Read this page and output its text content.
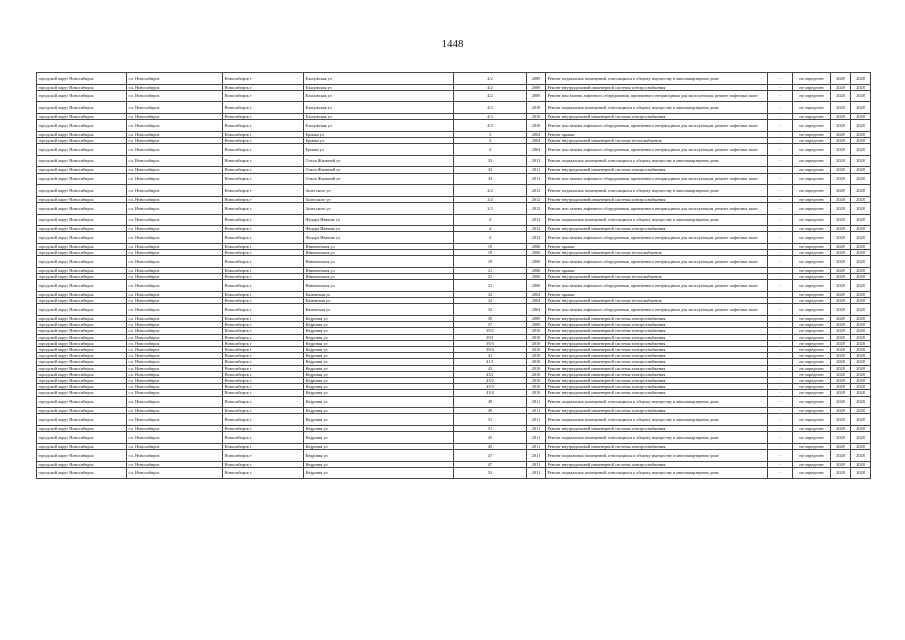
1448
городской округ Новосибирск	г.о. Новосибирск	Новосибирск г	Ельцовская ул	4/2	2009	Ремонт подвальных помещений, относящихся к общему имуществу в многоквартирном доме	-	не определен	2028	2028
городской округ Новосибирск	г.о. Новосибирск	Новосибирск г	Ельцовская ул	4/2	2009	Ремонт внутридомовой инженерной системы электроснабжения	-	не определен	2028	2028
городской округ Новосибирск	г.о. Новосибирск	Новосибирск г	Ельцовская ул	4/2	2009	Ремонт или замена лифтового оборудования, признанного непригодным для эксплуатации, ремонт лифтовых шахт	-	не определен	2028	2028
городской округ Новосибирск	г.о. Новосибирск	Новосибирск г	Ельцовская ул	4/3	2010	Ремонт подвальных помещений, относящихся к общему имуществу в многоквартирном доме	-	не определен	2028	2028
городской округ Новосибирск	г.о. Новосибирск	Новосибирск г	Ельцовская ул	4/3	2010	Ремонт внутридомовой инженерной системы электроснабжения	-	не определен	2028	2028
городской округ Новосибирск	г.о. Новосибирск	Новосибирск г	Ельцовская ул	4/3	2010	Ремонт или замена лифтового оборудования, признанного непригодным для эксплуатации, ремонт лифтовых шахт	-	не определен	2028	2028
городской округ Новосибирск	г.о. Новосибирск	Новосибирск г	Ермака ул	3	2004	Ремонт крыши	-	не определен	2028	2028
городской округ Новосибирск	г.о. Новосибирск	Новосибирск г	Ермака ул	3	2004	Ремонт внутридомовой инженерной системы теплоснабжения	-	не определен	2028	2028
городской округ Новосибирск	г.о. Новосибирск	Новосибирск г	Ермака ул	3	2004	Ремонт или замена лифтового оборудования, признанного непригодным для эксплуатации, ремонт лифтовых шахт	-	не определен	2028	2028
городской округ Новосибирск	г.о. Новосибирск	Новосибирск г	Ольги Жилиной ул	33	2011	Ремонт подвальных помещений, относящихся к общему имуществу в многоквартирном доме	-	не определен	2028	2028
городской округ Новосибирск	г.о. Новосибирск	Новосибирск г	Ольги Жилиной ул	33	2011	Ремонт внутридомовой инженерной системы электроснабжения	-	не определен	2028	2028
городской округ Новосибирск	г.о. Новосибирск	Новосибирск г	Ольги Жилиной ул	33	2011	Ремонт или замена лифтового оборудования, признанного непригодным для эксплуатации, ремонт лифтовых шахт	-	не определен	2028	2028
городской округ Новосибирск	г.о. Новосибирск	Новосибирск г	Залесского ул	2/2	2012	Ремонт подвальных помещений, относящихся к общему имуществу в многоквартирном доме	-	не определен	2028	2028
городской округ Новосибирск	г.о. Новосибирск	Новосибирск г	Залесского ул	2/2	2012	Ремонт внутридомовой инженерной системы электроснабжения	-	не определен	2028	2028
городской округ Новосибирск	г.о. Новосибирск	Новосибирск г	Залесского ул	2/2	2012	Ремонт или замена лифтового оборудования, признанного непригодным для эксплуатации, ремонт лифтовых шахт	-	не определен	2028	2028
городской округ Новосибирск	г.о. Новосибирск	Новосибирск г	Федора Ивачева ул	4	2012	Ремонт подвальных помещений, относящихся к общему имуществу в многоквартирном доме	-	не определен	2028	2028
городской округ Новосибирск	г.о. Новосибирск	Новосибирск г	Федора Ивачева ул	4	2012	Ремонт внутридомовой инженерной системы электроснабжения	-	не определен	2028	2028
городской округ Новосибирск	г.о. Новосибирск	Новосибирск г	Федора Ивачева ул	4	2012	Ремонт или замена лифтового оборудования, признанного непригодным для эксплуатации, ремонт лифтовых шахт	-	не определен	2028	2028
городской округ Новосибирск	г.о. Новосибирск	Новосибирск г	Инюшенская ул	19	2006	Ремонт крыши	-	не определен	2028	2028
городской округ Новосибирск	г.о. Новосибирск	Новосибирск г	Инюшенская ул	19	2006	Ремонт внутридомовой инженерной системы теплоснабжения	-	не определен	2028	2028
городской округ Новосибирск	г.о. Новосибирск	Новосибирск г	Инюшенская ул	19	2006	Ремонт или замена лифтового оборудования, признанного непригодным для эксплуатации, ремонт лифтовых шахт	-	не определен	2028	2028
городской округ Новосибирск	г.о. Новосибирск	Новосибирск г	Инюшенская ул	21	2006	Ремонт крыши	-	не определен	2028	2028
городской округ Новосибирск	г.о. Новосибирск	Новосибирск г	Инюшенская ул	21	2006	Ремонт внутридомовой инженерной системы теплоснабжения	-	не определен	2028	2028
городской округ Новосибирск	г.о. Новосибирск	Новосибирск г	Инюшенская ул	21	2006	Ремонт или замена лифтового оборудования, признанного непригодным для эксплуатации, ремонт лифтовых шахт	-	не определен	2028	2028
городской округ Новосибирск	г.о. Новосибирск	Новосибирск г	Каменская ул	32	2004	Ремонт крыши	-	не определен	2028	2028
городской округ Новосибирск	г.о. Новосибирск	Новосибирск г	Каменская ул	32	2004	Ремонт внутридомовой инженерной системы теплоснабжения	-	не определен	2028	2028
городской округ Новосибирск	г.о. Новосибирск	Новосибирск г	Каменская ул	32	2004	Ремонт или замена лифтового оборудования, признанного непригодным для эксплуатации, ремонт лифтовых шахт	-	не определен	2028	2028
городской округ Новосибирск	г.о. Новосибирск	Новосибирск г	Кедровая ул	39	2009	Ремонт внутридомовой инженерной системы электроснабжения	-	не определен	2028	2028
городской округ Новосибирск	г.о. Новосибирск	Новосибирск г	Кедровая ул	37	2009	Ремонт внутридомовой инженерной системы электроснабжения	-	не определен	2028	2028
городской округ Новосибирск	г.о. Новосибирск	Новосибирск г	Кедровая ул	39/2	2010	Ремонт внутридомовой инженерной системы электроснабжения	-	не определен	2028	2028
городской округ Новосибирск	г.о. Новосибирск	Новосибирск г	Кедровая ул	39/1	2010	Ремонт внутридомовой инженерной системы электроснабжения	-	не определен	2028	2028
городской округ Новосибирск	г.о. Новосибирск	Новосибирск г	Кедровая ул	39/3	2010	Ремонт внутридомовой инженерной системы электроснабжения	-	не определен	2028	2028
городской округ Новосибирск	г.о. Новосибирск	Новосибирск г	Кедровая ул	39/4	2010	Ремонт внутридомовой инженерной системы электроснабжения	-	не определен	2028	2028
городской округ Новосибирск	г.о. Новосибирск	Новосибирск г	Кедровая ул	41	2010	Ремонт внутридомовой инженерной системы электроснабжения	-	не определен	2028	2028
городской округ Новосибирск	г.о. Новосибирск	Новосибирск г	Кедровая ул	41/1	2010	Ремонт внутридомовой инженерной системы электроснабжения	-	не определен	2028	2028
городской округ Новосибирск	г.о. Новосибирск	Новосибирск г	Кедровая ул	43	2010	Ремонт внутридомовой инженерной системы электроснабжения	-	не определен	2028	2028
городской округ Новосибирск	г.о. Новосибирск	Новосибирск г	Кедровая ул	43/1	2010	Ремонт внутридомовой инженерной системы электроснабжения	-	не определен	2028	2028
городской округ Новосибирск	г.о. Новосибирск	Новосибирск г	Кедровая ул	43/2	2010	Ремонт внутридомовой инженерной системы электроснабжения	-	не определен	2028	2028
городской округ Новосибирск	г.о. Новосибирск	Новосибирск г	Кедровая ул	43/3	2010	Ремонт внутридомовой инженерной системы электроснабжения	-	не определен	2028	2028
городской округ Новосибирск	г.о. Новосибирск	Новосибирск г	Кедровая ул	43/4	2010	Ремонт внутридомовой инженерной системы электроснабжения	-	не определен	2028	2028
городской округ Новосибирск	г.о. Новосибирск	Новосибирск г	Кедровая ул	49	2011	Ремонт подвальных помещений, относящихся к общему имуществу в многоквартирном доме	-	не определен	2028	2028
городской округ Новосибирск	г.о. Новосибирск	Новосибирск г	Кедровая ул	49	2011	Ремонт внутридомовой инженерной системы электроснабжения	-	не определен	2028	2028
городской округ Новосибирск	г.о. Новосибирск	Новосибирск г	Кедровая ул	51	2011	Ремонт подвальных помещений, относящихся к общему имуществу в многоквартирном доме	-	не определен	2028	2028
городской округ Новосибирск	г.о. Новосибирск	Новосибирск г	Кедровая ул	51	2011	Ремонт внутридомовой инженерной системы электроснабжения	-	не определен	2028	2028
городской округ Новосибирск	г.о. Новосибирск	Новосибирск г	Кедровая ул	45	2011	Ремонт подвальных помещений, относящихся к общему имуществу в многоквартирном доме	-	не определен	2028	2028
городской округ Новосибирск	г.о. Новосибирск	Новосибирск г	Кедровая ул	45	2011	Ремонт внутридомовой инженерной системы электроснабжения	-	не определен	2028	2028
городской округ Новосибирск	г.о. Новосибирск	Новосибирск г	Кедровая ул	47	2011	Ремонт подвальных помещений, относящихся к общему имуществу в многоквартирном доме	-	не определен	2028	2028
городской округ Новосибирск	г.о. Новосибирск	Новосибирск г	Кедровая ул	47	2011	Ремонт внутридомовой инженерной системы электроснабжения	-	не определен	2028	2028
городской округ Новосибирск	г.о. Новосибирск	Новосибирск г	Кедровая ул	53	2011	Ремонт подвальных помещений, относящихся к общему имуществу в многоквартирном доме	-	не определен	2028	2028
